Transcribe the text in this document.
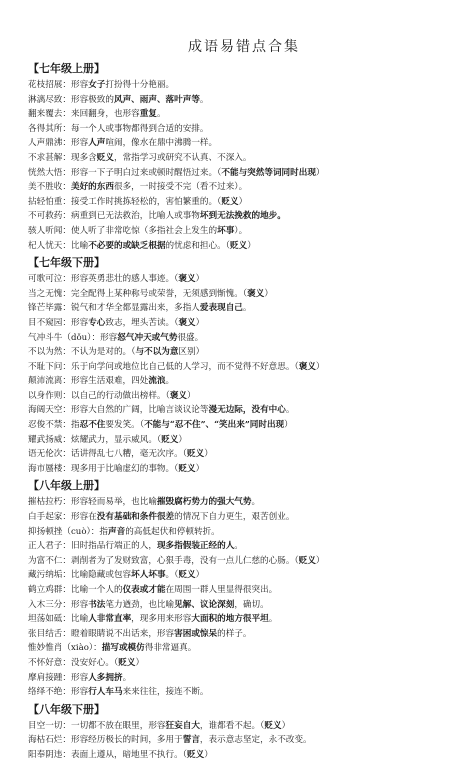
成语易错点合集
【七年级上册】
花枝招展：形容女子打扮得十分艳丽。
淋漓尽致：形容极致的风声、雨声、落叶声等。
翻来覆去：来回翻身，也形容重复。
各得其所：每一个人或事物都得到合适的安排。
人声鼎沸：形容人声喧闹，像水在鼎中沸腾一样。
不求甚解：现多含贬义，常指学习或研究不认真、不深入。
恍然大悟：形容一下子明白过来或顿时醒悟过来。（不能与突然等词同时出现）
美不胜收：美好的东西很多，一时接受不完（看不过来）。
拈轻怕重：接受工作时挑拣轻松的，害怕繁重的。（贬义）
不可救药：病重到已无法救治，比喻人或事物坏到无法挽救的地步。
骇人听闻：使人听了非常吃惊（多指社会上发生的坏事）。
杞人忧天：比喻不必要的或缺乏根据的忧虑和担心。（贬义）
【七年级下册】
可歌可泣：形容英勇悲壮的感人事迹。（褒义）
当之无愧：完全配得上某种称号或荣誉，无须感到惭愧。（褒义）
锋芒毕露：锐气和才华全都显露出来，多指人爱表现自己。
目不窥园：形容专心致志，埋头苦读。（褒义）
气冲斗牛（dǒu）：形容怒气冲天或气势很盛。
不以为然：不认为是对的。（与不以为意区别）
不耻下问：乐于向学问或地位比自己低的人学习，而不觉得不好意思。（褒义）
颠沛流离：形容生活艰难，四处流浪。
以身作则：以自己的行动做出榜样。（褒义）
海阔天空：形容大自然的广阔，比喻言谈议论等漫无边际，没有中心。
忍俊不禁：指忍不住要发笑。（不能与“忍不住”、“笑出来”同时出现）
耀武扬威：炫耀武力，显示威风。（贬义）
语无伦次：话讲得乱七八糟，毫无次序。（贬义）
海市蜃楼：现多用于比喻虚幻的事物。（贬义）
【八年级上册】
摧枯拉朽：形容轻而易举，也比喻摧毁腐朽势力的强大气势。
白手起家：形容在没有基础和条件很差的情况下自力更生，艰苦创业。
抑扬顿挫（cuò）：指声音的高低起伏和停顿转折。
正人君子：旧时指品行端正的人，现多指假装正经的人。
为富不仁：剥削者为了发财致富，心狠手毒，没有一点儿仁慈的心肠。（贬义）
藏污纳垢：比喻隐藏或包容坏人坏事。（贬义）
鹤立鸡群：比喻一个人的仪表或才能在周围一群人里显得很突出。
入木三分：形容书法笔力遒劲，也比喻见解、议论深刻，确切。
坦荡如砥：比喻人非常直率，现多用来形容大面积的地方很平坦。
张目结舌：瞪着眼睛说不出话来，形容害困或惊呆的样子。
惟妙惟肖（xiào）：描写或模仿得非常逼真。
不怀好意：没安好心。（贬义）
摩肩接踵：形容人多拥挤。
络绎不绝：形容行人车马来来往往，接连不断。
【八年级下册】
目空一切：一切都不放在眼里，形容狂妄自大，谁都看不起。（贬义）
海枯石烂：形容经历极长的时间，多用于誓言，表示意志坚定，永不改变。
阳奉阴违：表面上遵从，暗地里不执行。（贬义）
